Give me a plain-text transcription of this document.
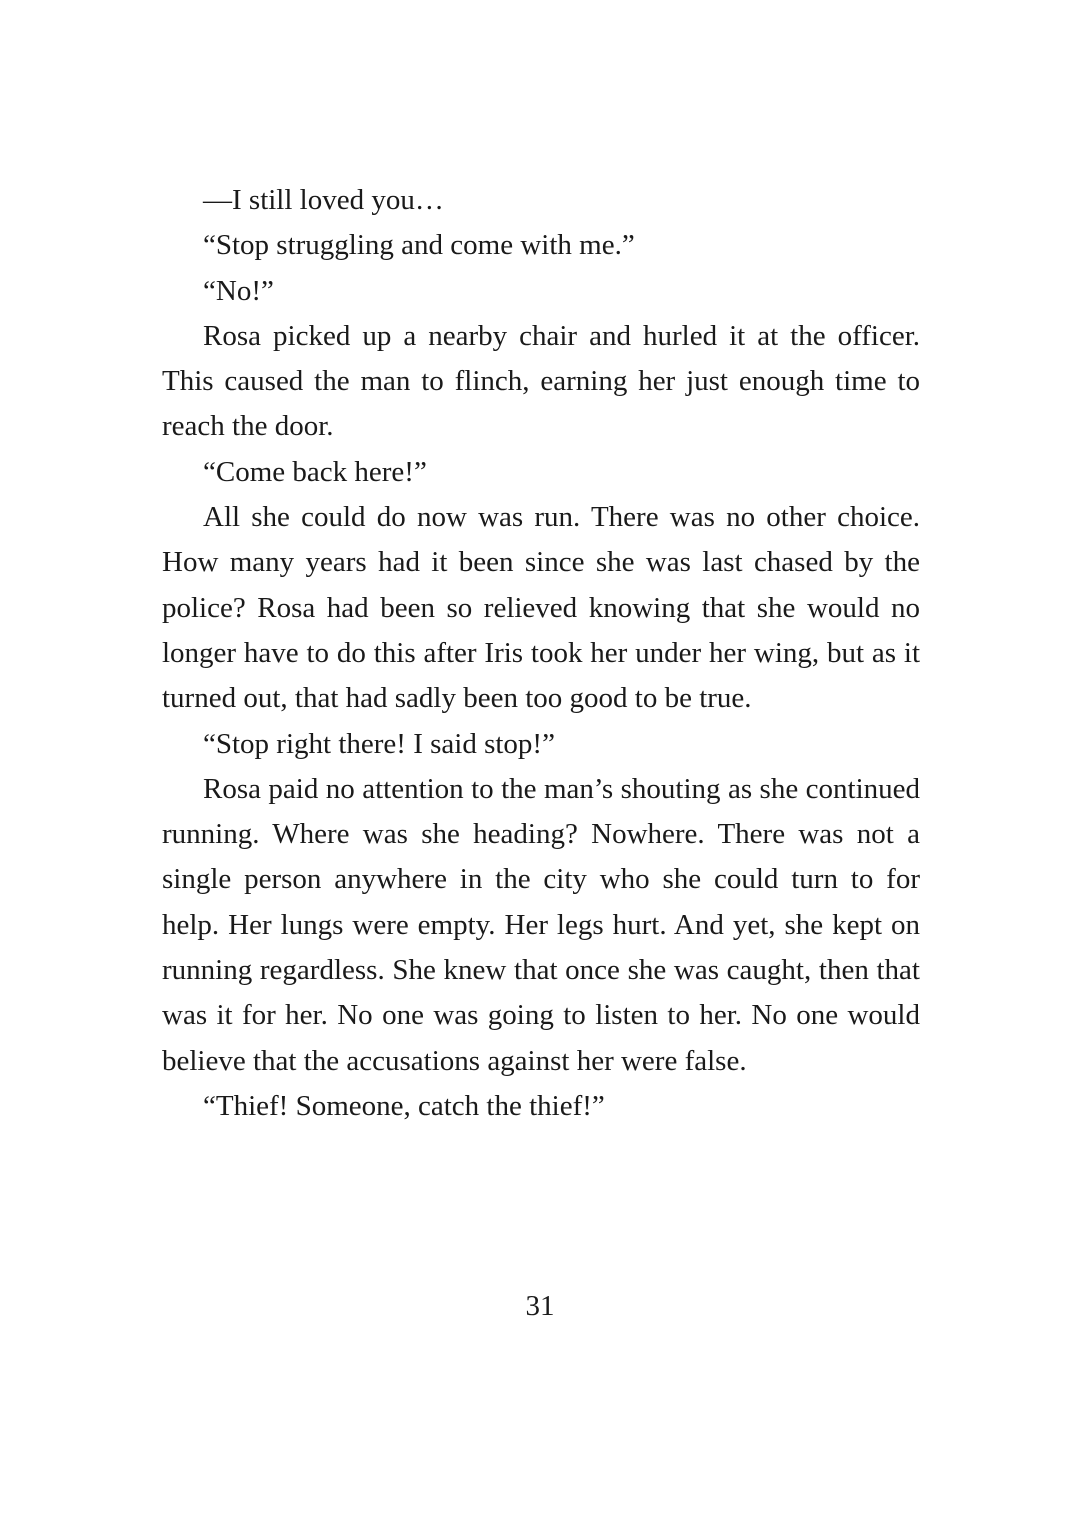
—I still loved you…

“Stop struggling and come with me.”

“No!”

Rosa picked up a nearby chair and hurled it at the officer. This caused the man to flinch, earning her just enough time to reach the door.

“Come back here!”

All she could do now was run. There was no other choice. How many years had it been since she was last chased by the police? Rosa had been so relieved knowing that she would no longer have to do this after Iris took her under her wing, but as it turned out, that had sadly been too good to be true.

“Stop right there! I said stop!”

Rosa paid no attention to the man’s shouting as she continued running. Where was she heading? Nowhere. There was not a single person anywhere in the city who she could turn to for help. Her lungs were empty. Her legs hurt. And yet, she kept on running regardless. She knew that once she was caught, then that was it for her. No one was going to listen to her. No one would believe that the accusations against her were false.

“Thief! Someone, catch the thief!”

31
